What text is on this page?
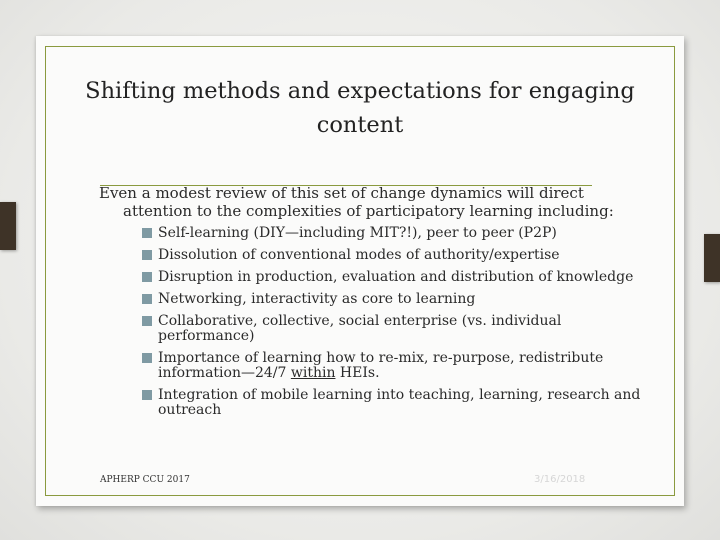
Shifting methods and expectations for engaging content

Even a modest review of this set of change dynamics will direct attention to the complexities of participatory learning including:

Self-learning (DIY—including MIT?!), peer to peer (P2P)
Dissolution of conventional modes of authority/expertise
Disruption in production, evaluation and distribution of knowledge
Networking, interactivity as core to learning
Collaborative, collective, social enterprise (vs. individual performance)
Importance of learning how to re-mix, re-purpose, redistribute information—24/7 within HEIs.
Integration of mobile learning into teaching, learning, research and outreach
APHERP CCU 2017	3/16/2018
